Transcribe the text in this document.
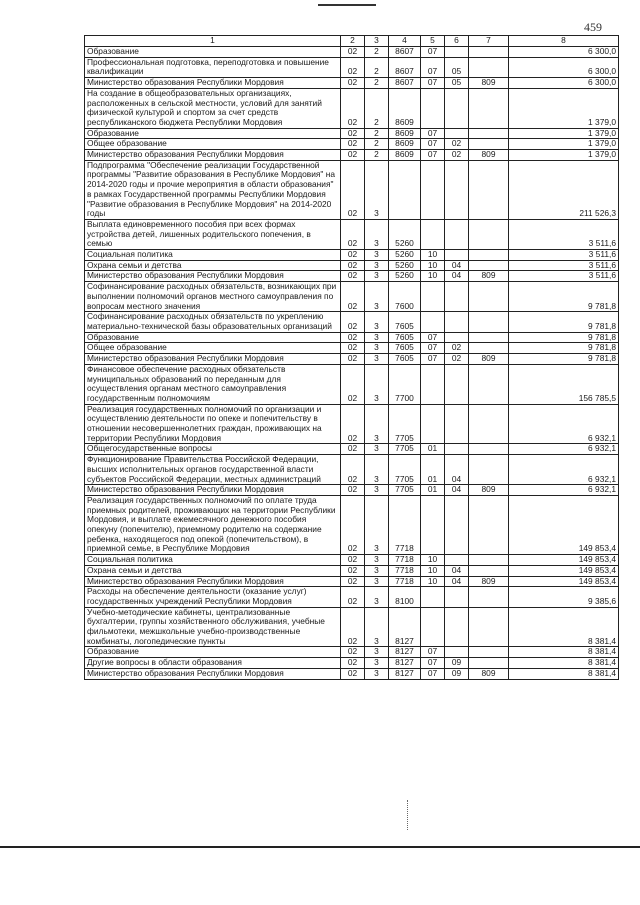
459
1	2	3	4	5	6	7	8
Образование	02	2	8607	07			6 300,0
Профессиональная подготовка, переподготовка и повышение квалификации	02	2	8607	07	05		6 300,0
Министерство образования Республики Мордовия	02	2	8607	07	05	809	6 300,0
На создание в общеобразовательных организациях, расположенных в сельской местности, условий для занятий физической культурой и спортом за счет средств республиканского бюджета Республики Мордовия	02	2	8609				1 379,0
Образование	02	2	8609	07			1 379,0
Общее образование	02	2	8609	07	02		1 379,0
Министерство образования Республики Мордовия	02	2	8609	07	02	809	1 379,0
Подпрограмма "Обеспечение реализации Государственной программы "Развитие образования в Республике Мордовия" на 2014-2020 годы и прочие мероприятия в области образования" в рамках Государственной программы Республики Мордовия "Развитие образования в Республике Мордовия" на 2014-2020 годы	02	3					211 526,3
Выплата единовременного пособия при всех формах устройства детей, лишенных родительского попечения, в семью	02	3	5260				3 511,6
Социальная политика	02	3	5260	10			3 511,6
Охрана семьи и детства	02	3	5260	10	04		3 511,6
Министерство образования Республики Мордовия	02	3	5260	10	04	809	3 511,6
Софинансирование расходных обязательств, возникающих при выполнении полномочий органов местного самоуправления по вопросам местного значения	02	3	7600				9 781,8
Софинансирование расходных обязательств по укреплению материально-технической базы образовательных организаций	02	3	7605				9 781,8
Образование	02	3	7605	07			9 781,8
Общее образование	02	3	7605	07	02		9 781,8
Министерство образования Республики Мордовия	02	3	7605	07	02	809	9 781,8
Финансовое обеспечение расходных обязательств муниципальных образований по переданным для осуществления органам местного самоуправления государственным полномочиям	02	3	7700				156 785,5
Реализация государственных полномочий по организации и осуществлению деятельности по опеке и попечительству в отношении несовершеннолетних граждан, проживающих на территории Республики Мордовия	02	3	7705				6 932,1
Общегосударственные вопросы	02	3	7705	01			6 932,1
Функционирование Правительства Российской Федерации, высших исполнительных органов государственной власти субъектов Российской Федерации, местных администраций	02	3	7705	01	04		6 932,1
Министерство образования Республики Мордовия	02	3	7705	01	04	809	6 932,1
Реализация государственных полномочий по оплате труда приемных родителей, проживающих на территории Республики Мордовия, и выплате ежемесячного денежного пособия опекуну (попечителю), приемному родителю на содержание ребенка, находящегося под опекой (попечительством), в приемной семье, в Республике Мордовия	02	3	7718				149 853,4
Социальная политика	02	3	7718	10			149 853,4
Охрана семьи и детства	02	3	7718	10	04		149 853,4
Министерство образования Республики Мордовия	02	3	7718	10	04	809	149 853,4
Расходы на обеспечение деятельности (оказание услуг) государственных учреждений Республики Мордовия	02	3	8100				9 385,6
Учебно-методические кабинеты, централизованные бухгалтерии, группы хозяйственного обслуживания, учебные фильмотеки, межшкольные учебно-производственные комбинаты, логопедические пункты	02	3	8127				8 381,4
Образование	02	3	8127	07			8 381,4
Другие вопросы в области образования	02	3	8127	07	09		8 381,4
Министерство образования Республики Мордовия	02	3	8127	07	09	809	8 381,4
